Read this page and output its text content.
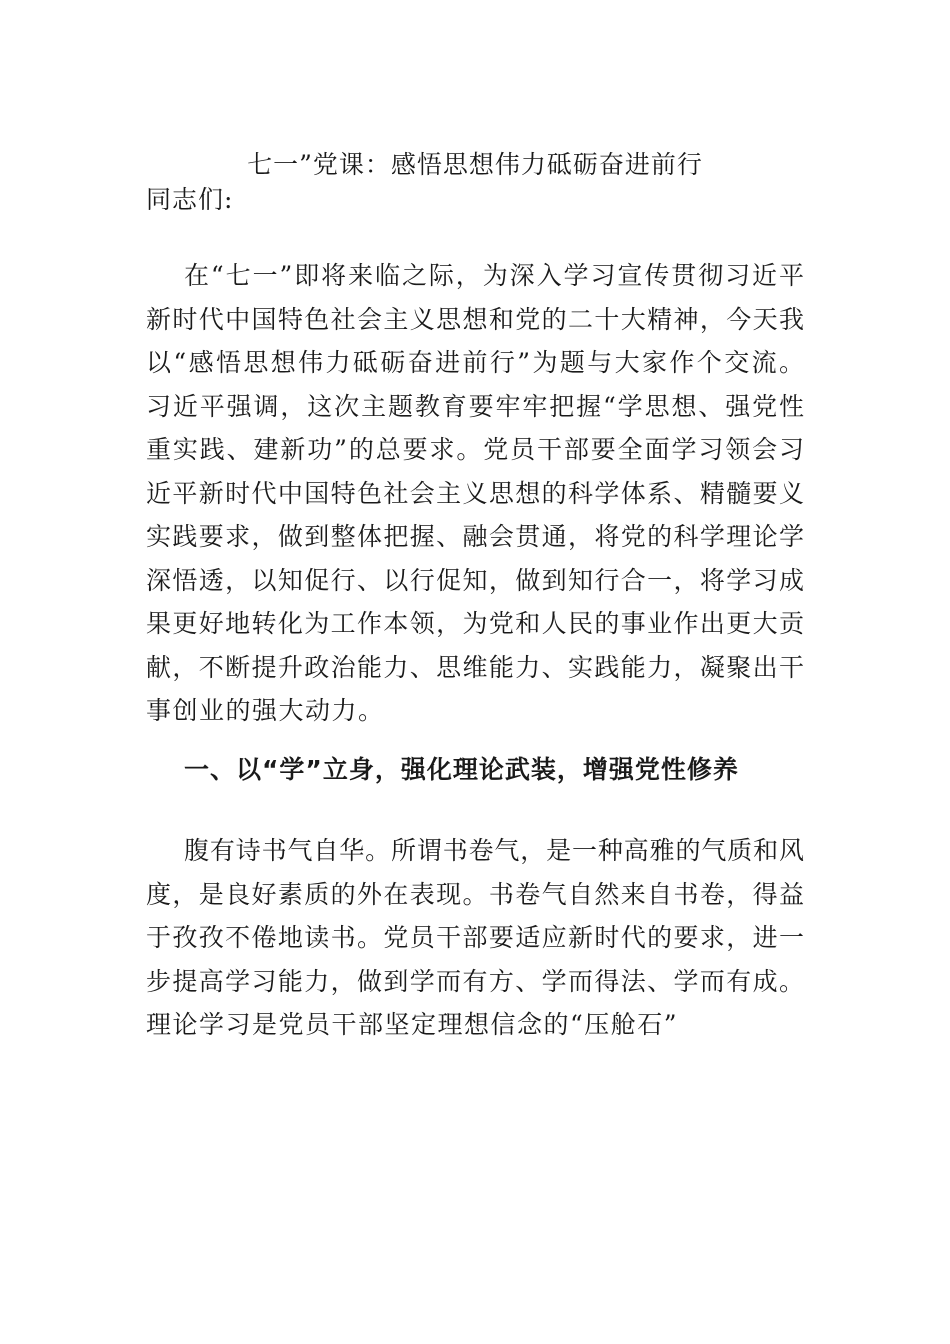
七一”党课：感悟思想伟力砥砺奋进前行
同志们:
在“七一”即将来临之际，为深入学习宣传贯彻习近平
新时代中国特色社会主义思想和党的二十大精神，今天我
以“感悟思想伟力砥砺奋进前行”为题与大家作个交流。
习近平强调，这次主题教育要牢牢把握“学思想、强党性
重实践、建新功”的总要求。党员干部要全面学习领会习
近平新时代中国特色社会主义思想的科学体系、精髓要义
实践要求，做到整体把握、融会贯通，将党的科学理论学
深悟透，以知促行、以行促知，做到知行合一，将学习成
果更好地转化为工作本领，为党和人民的事业作出更大贡
献，不断提升政治能力、思维能力、实践能力，凝聚出干
事创业的强大动力。
一、以“学”立身，强化理论武装，增强党性修养
腹有诗书气自华。所谓书卷气，是一种高雅的气质和风
度，是良好素质的外在表现。书卷气自然来自书卷，得益
于孜孜不倦地读书。党员干部要适应新时代的要求，进一
步提高学习能力，做到学而有方、学而得法、学而有成。
理论学习是党员干部坚定理想信念的“压舱石”
